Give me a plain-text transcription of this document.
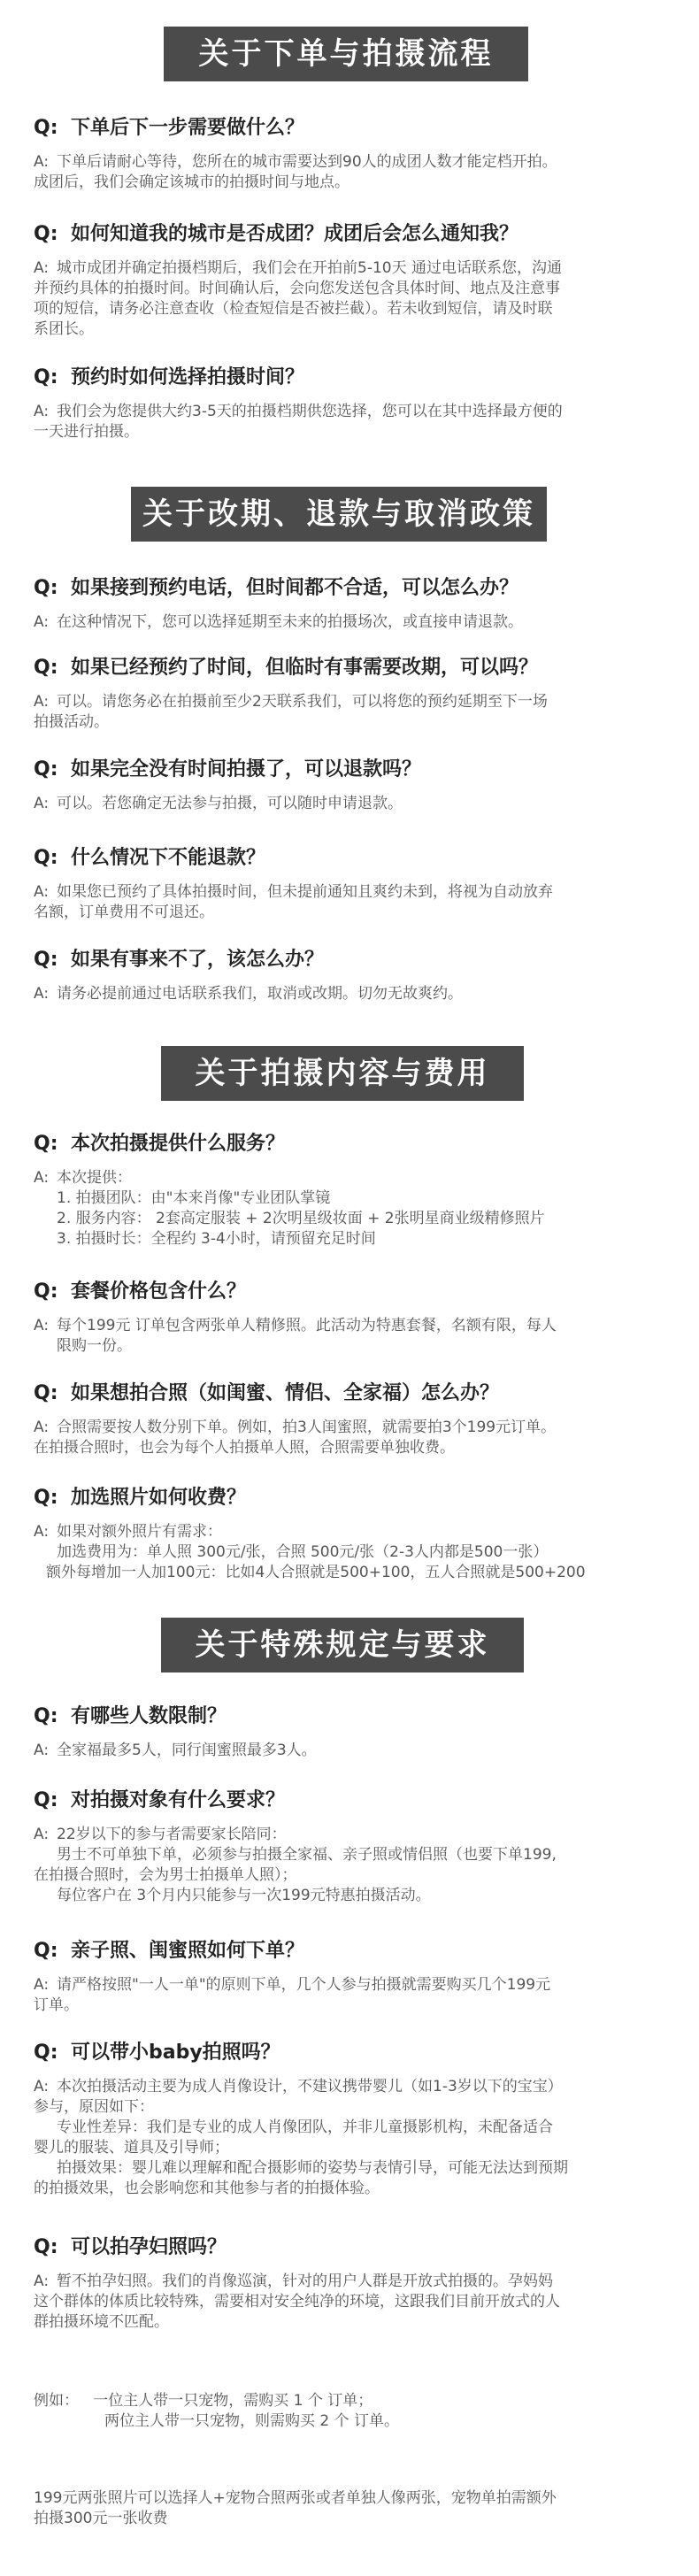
关于下单与拍摄流程
Q: 下单后下一步需要做什么？
A: 下单后请耐心等待，您所在的城市需要达到90人的成团人数才能定档开拍。
成团后，我们会确定该城市的拍摄时间与地点。
Q: 如何知道我的城市是否成团？成团后会怎么通知我？
A: 城市成团并确定拍摄档期后，我们会在开拍前5-10天 通过电话联系您，沟通
并预约具体的拍摄时间。时间确认后，会向您发送包含具体时间、地点及注意事
项的短信，请务必注意查收（检查短信是否被拦截）。若未收到短信，请及时联
系团长。
Q: 预约时如何选择拍摄时间？
A: 我们会为您提供大约3-5天的拍摄档期供您选择，您可以在其中选择最方便的
一天进行拍摄。
关于改期、退款与取消政策
Q: 如果接到预约电话，但时间都不合适，可以怎么办？
A: 在这种情况下，您可以选择延期至未来的拍摄场次，或直接申请退款。
Q: 如果已经预约了时间，但临时有事需要改期，可以吗？
A: 可以。请您务必在拍摄前至少2天联系我们，可以将您的预约延期至下一场
拍摄活动。
Q: 如果完全没有时间拍摄了，可以退款吗？
A: 可以。若您确定无法参与拍摄，可以随时申请退款。
Q: 什么情况下不能退款？
A: 如果您已预约了具体拍摄时间，但未提前通知且爽约未到，将视为自动放弃
名额，订单费用不可退还。
Q: 如果有事来不了，该怎么办？
A: 请务必提前通过电话联系我们，取消或改期。切勿无故爽约。
关于拍摄内容与费用
Q: 本次拍摄提供什么服务？
A: 本次提供：
1. 拍摄团队：由"本来肖像"专业团队掌镜
2. 服务内容： 2套高定服装 + 2次明星级妆面 + 2张明星商业级精修照片
3. 拍摄时长：全程约 3-4小时，请预留充足时间
Q: 套餐价格包含什么？
A: 每个199元 订单包含两张单人精修照。此活动为特惠套餐，名额有限，每人
限购一份。
Q: 如果想拍合照（如闺蜜、情侣、全家福）怎么办？
A: 合照需要按人数分别下单。例如，拍3人闺蜜照，就需要拍3个199元订单。
在拍摄合照时，也会为每个人拍摄单人照，合照需要单独收费。
Q: 加选照片如何收费？
A: 如果对额外照片有需求：
加选费用为：单人照 300元/张，合照 500元/张（2-3人内都是500一张）
额外每增加一人加100元：比如4人合照就是500+100，五人合照就是500+200
关于特殊规定与要求
Q: 有哪些人数限制？
A: 全家福最多5人，同行闺蜜照最多3人。
Q: 对拍摄对象有什么要求？
A: 22岁以下的参与者需要家长陪同：
男士不可单独下单，必须参与拍摄全家福、亲子照或情侣照（也要下单199,
在拍摄合照时，会为男士拍摄单人照）；
每位客户在 3个月内只能参与一次199元特惠拍摄活动。
Q: 亲子照、闺蜜照如何下单？
A: 请严格按照"一人一单"的原则下单，几个人参与拍摄就需要购买几个199元
订单。
Q: 可以带小baby拍照吗？
A: 本次拍摄活动主要为成人肖像设计，不建议携带婴儿（如1-3岁以下的宝宝）
参与，原因如下：
专业性差异：我们是专业的成人肖像团队，并非儿童摄影机构，未配备适合
婴儿的服装、道具及引导师；
拍摄效果：婴儿难以理解和配合摄影师的姿势与表情引导，可能无法达到预期
的拍摄效果，也会影响您和其他参与者的拍摄体验。
Q: 可以拍孕妇照吗？
A: 暂不拍孕妇照。我们的肖像巡演，针对的用户人群是开放式拍摄的。孕妈妈
这个群体的体质比较特殊，需要相对安全纯净的环境，这跟我们目前开放式的人
群拍摄环境不匹配。
例如： 一位主人带一只宠物，需购买 1 个 订单；
两位主人带一只宠物，则需购买 2 个 订单。
199元两张照片可以选择人+宠物合照两张或者单独人像两张，宠物单拍需额外
拍摄300元一张收费
